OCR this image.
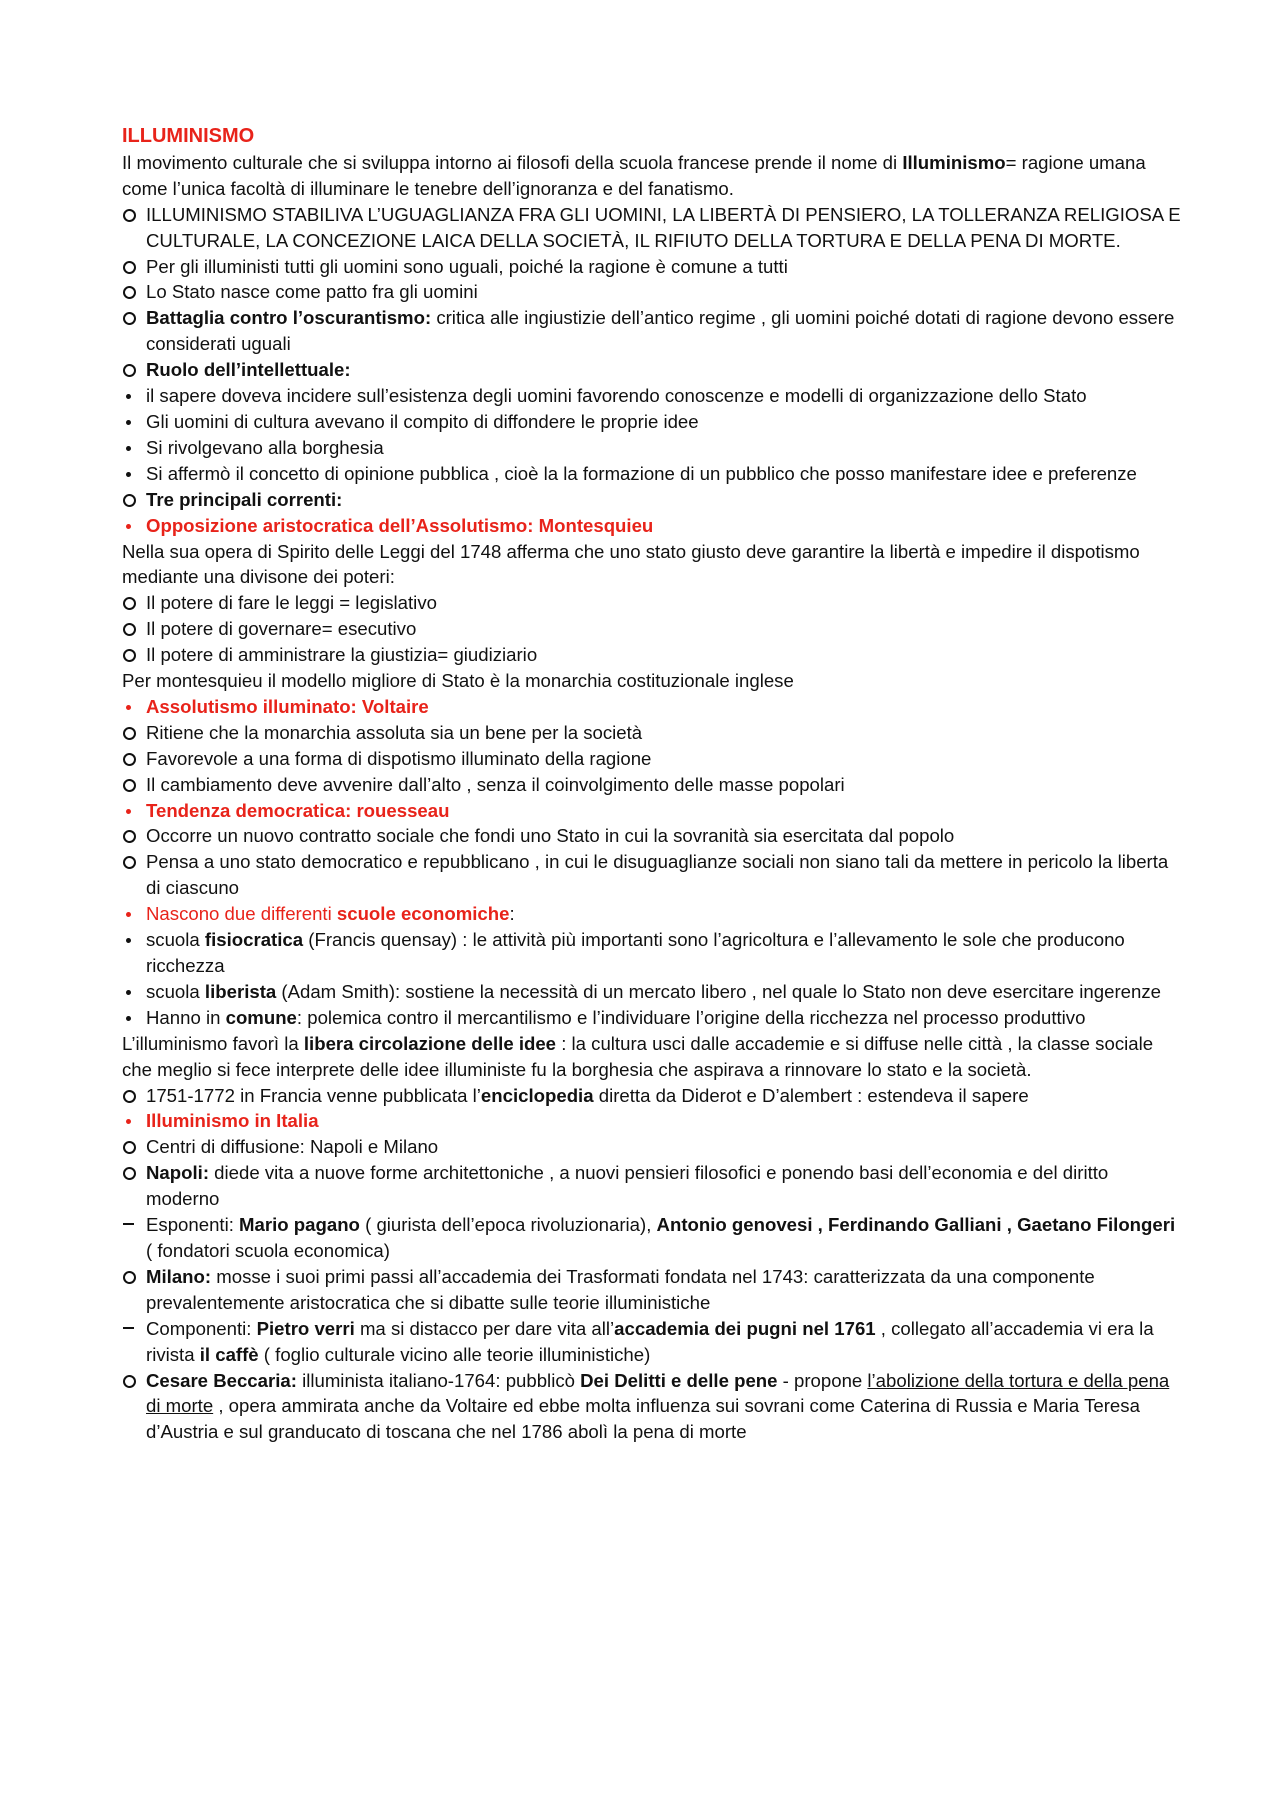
ILLUMINISMO

Il movimento culturale che si sviluppa intorno ai filosofi della scuola francese prende il nome di Illuminismo= ragione umana come l’unica facoltà di illuminare le tenebre dell’ignoranza e del fanatismo.

ILLUMINISMO STABILIVA L’UGUAGLIANZA FRA GLI UOMINI, LA LIBERTÀ DI PENSIERO, LA TOLLERANZA RELIGIOSA E CULTURALE, LA CONCEZIONE LAICA DELLA SOCIETÀ, IL RIFIUTO DELLA TORTURA E DELLA PENA DI MORTE.
Per gli illuministi tutti gli uomini sono uguali, poiché la ragione è comune a tutti
Lo Stato nasce come patto fra gli uomini
Battaglia contro l’oscurantismo: critica alle ingiustizie dell’antico regime , gli uomini poiché dotati di ragione devono essere considerati uguali
Ruolo dell’intellettuale:
il sapere doveva incidere sull’esistenza degli uomini favorendo conoscenze e modelli di organizzazione dello Stato
Gli uomini di cultura avevano il compito di diffondere le proprie idee
Si rivolgevano alla borghesia
Si affermò il concetto di opinione pubblica , cioè la la formazione di un pubblico che posso manifestare idee e preferenze
Tre principali correnti:
Opposizione aristocratica dell’Assolutismo: Montesquieu

Nella sua opera di Spirito delle Leggi del 1748 afferma che uno stato giusto deve garantire la libertà e impedire il dispotismo mediante una divisone dei poteri:

Il potere di fare le leggi = legislativo
Il potere di governare= esecutivo
Il potere di amministrare la giustizia= giudiziario

Per montesquieu il modello migliore di Stato è la monarchia costituzionale inglese

Assolutismo illuminato: Voltaire
Ritiene che la monarchia assoluta sia un bene per la società
Favorevole a una forma di dispotismo illuminato della ragione
Il cambiamento deve avvenire dall’alto , senza il coinvolgimento delle masse popolari
Tendenza democratica: rouesseau
Occorre un nuovo contratto sociale che fondi uno Stato in cui la sovranità sia esercitata dal popolo
Pensa a uno stato democratico e repubblicano , in cui le disuguaglianze sociali non siano tali da mettere in pericolo la liberta di ciascuno
Nascono due differenti scuole economiche:
scuola fisiocratica (Francis quensay) : le attività più importanti sono l’agricoltura e l’allevamento le sole che producono ricchezza
scuola liberista (Adam Smith): sostiene la necessità di un mercato libero , nel quale lo Stato non deve esercitare ingerenze
Hanno in comune: polemica contro il mercantilismo e l’individuare l’origine della ricchezza nel processo produttivo

L’illuminismo favorì la libera circolazione delle idee : la cultura usci dalle accademie e si diffuse nelle città , la classe sociale che meglio si fece interprete delle idee illuministe fu la borghesia che aspirava a rinnovare lo stato e la società.

1751-1772 in Francia venne pubblicata l’enciclopedia diretta da Diderot e D’alembert : estendeva il sapere
Illuminismo in Italia
Centri di diffusione: Napoli e Milano
Napoli: diede vita a nuove forme architettoniche , a nuovi pensieri filosofici e ponendo basi dell’economia e del diritto moderno
Esponenti: Mario pagano ( giurista dell’epoca rivoluzionaria), Antonio genovesi , Ferdinando Galliani , Gaetano Filongeri ( fondatori scuola economica)
Milano: mosse i suoi primi passi all’accademia dei Trasformati fondata nel 1743: caratterizzata da una componente prevalentemente aristocratica che si dibatte sulle teorie illuministiche
Componenti: Pietro verri ma si distacco per dare vita all’accademia dei pugni nel 1761 , collegato all’accademia vi era la rivista il caffè ( foglio culturale vicino alle teorie illuministiche)
Cesare Beccaria: illuminista italiano-1764: pubblicò Dei Delitti e delle pene - propone l’abolizione della tortura e della pena di morte , opera ammirata anche da Voltaire ed ebbe molta influenza sui sovrani come Caterina di Russia e Maria Teresa d’Austria e sul granducato di toscana che nel 1786 abolì la pena di morte
